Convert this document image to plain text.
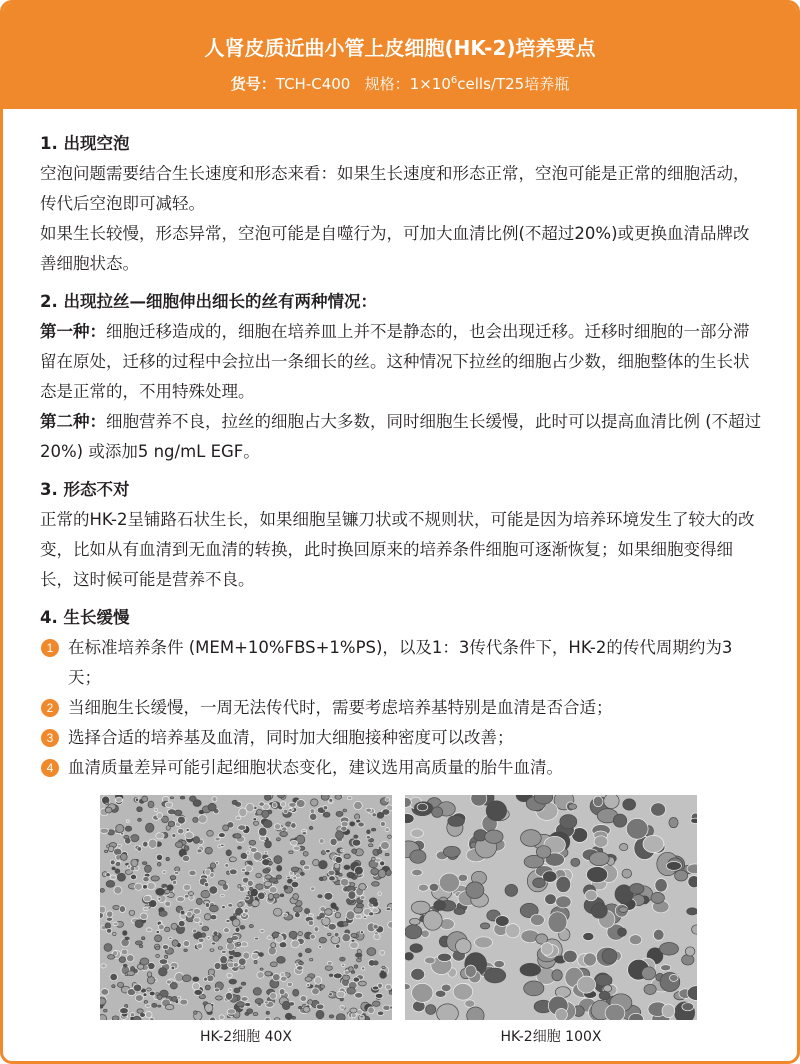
人肾皮质近曲小管上皮细胞(HK-2)培养要点
货号：TCH-C400 规格：$1\times 10^6cells/T25$培养瓶

1. 出现空泡

空泡问题需要结合生长速度和形态来看：如果生长速度和形态正常，空泡可能是正常的细胞活动，传代后空泡即可减轻。

如果生长较慢，形态异常，空泡可能是自噬行为，可加大血清比例(不超过20%)或更换血清品牌改善细胞状态。

2. 出现拉丝—细胞伸出细长的丝有两种情况：

第一种：细胞迁移造成的，细胞在培养皿上并不是静态的，也会出现迁移。迁移时细胞的一部分滞留在原处，迁移的过程中会拉出一条细长的丝。这种情况下拉丝的细胞占少数，细胞整体的生长状态是正常的，不用特殊处理。

第二种：细胞营养不良，拉丝的细胞占大多数，同时细胞生长缓慢，此时可以提高血清比例 (不超过20%) 或添加5 ng/mL EGF。

3. 形态不对

正常的HK-2呈铺路石状生长，如果细胞呈镰刀状或不规则状，可能是因为培养环境发生了较大的改变，比如从有血清到无血清的转换，此时换回原来的培养条件细胞可逐渐恢复；如果细胞变得细长，这时候可能是营养不良。

4. 生长缓慢

1 在标准培养条件 (MEM+10%FBS+1%PS)，以及1：3传代条件下，HK-2的传代周期约为3天；
2 当细胞生长缓慢，一周无法传代时，需要考虑培养基特别是血清是否合适；
3 选择合适的培养基及血清，同时加大细胞接种密度可以改善；
4 血清质量差异可能引起细胞状态变化，建议选用高质量的胎牛血清。
HK-2细胞 40X	HK-2细胞 100X
